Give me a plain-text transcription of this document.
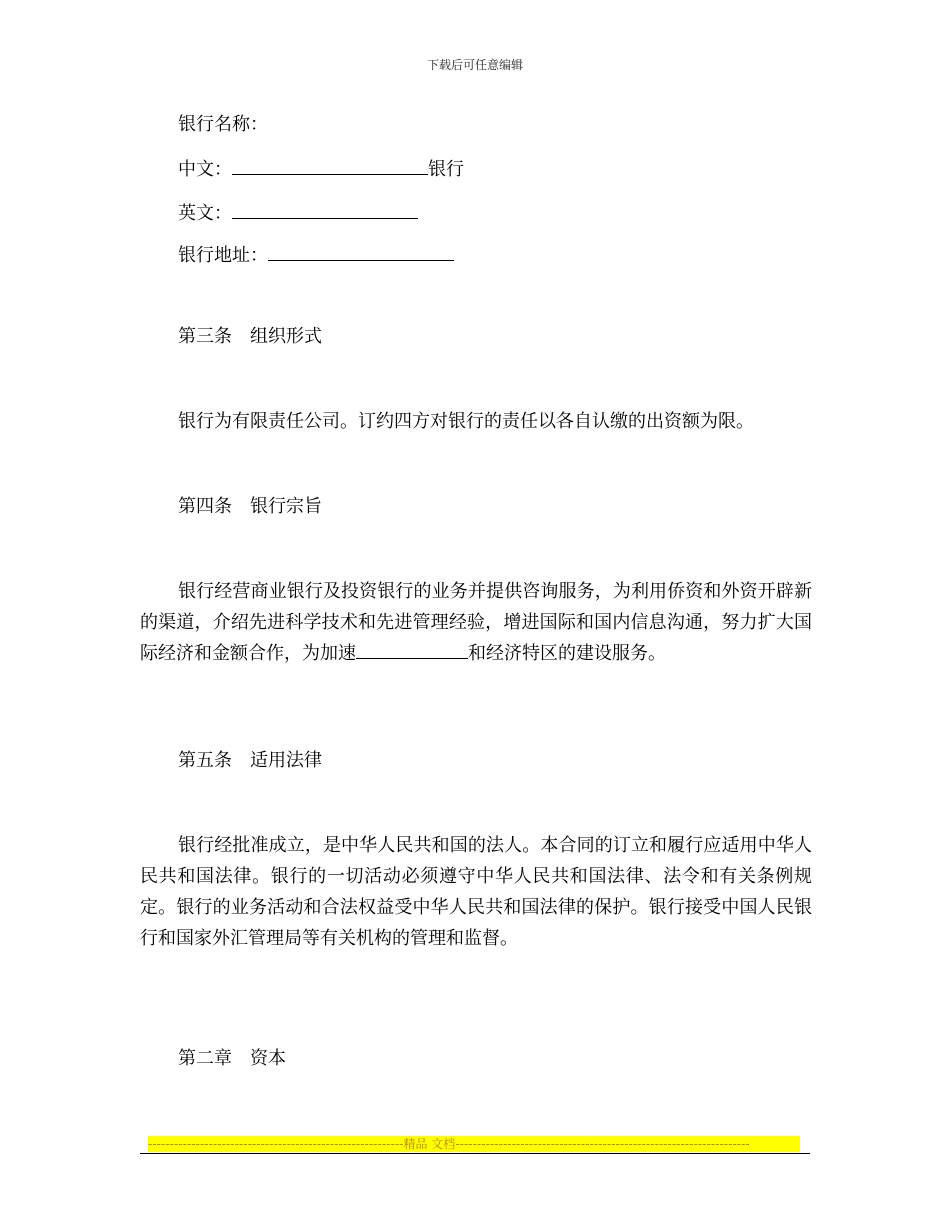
下载后可任意编辑
银行名称：
中文：	银行
英文：
银行地址：
第三条　组织形式

银行为有限责任公司。订约四方对银行的责任以各自认缴的出资额为限。

第四条　银行宗旨

银行经营商业银行及投资银行的业务并提供咨询服务，为利用侨资和外资开辟新的渠道，介绍先进科学技术和先进管理经验，增进国际和国内信息沟通，努力扩大国际经济和金额合作，为加速	和经济特区的建设服务。

第五条　适用法律

银行经批准成立，是中华人民共和国的法人。本合同的订立和履行应适用中华人民共和国法律。银行的一切活动必须遵守中华人民共和国法律、法令和有关条例规定。银行的业务活动和合法权益受中华人民共和国法律的保护。银行接受中国人民银行和国家外汇管理局等有关机构的管理和监督。

第二章　资本
-----------------------------------------------------------精品 文档--------------------------------------------------------------------
